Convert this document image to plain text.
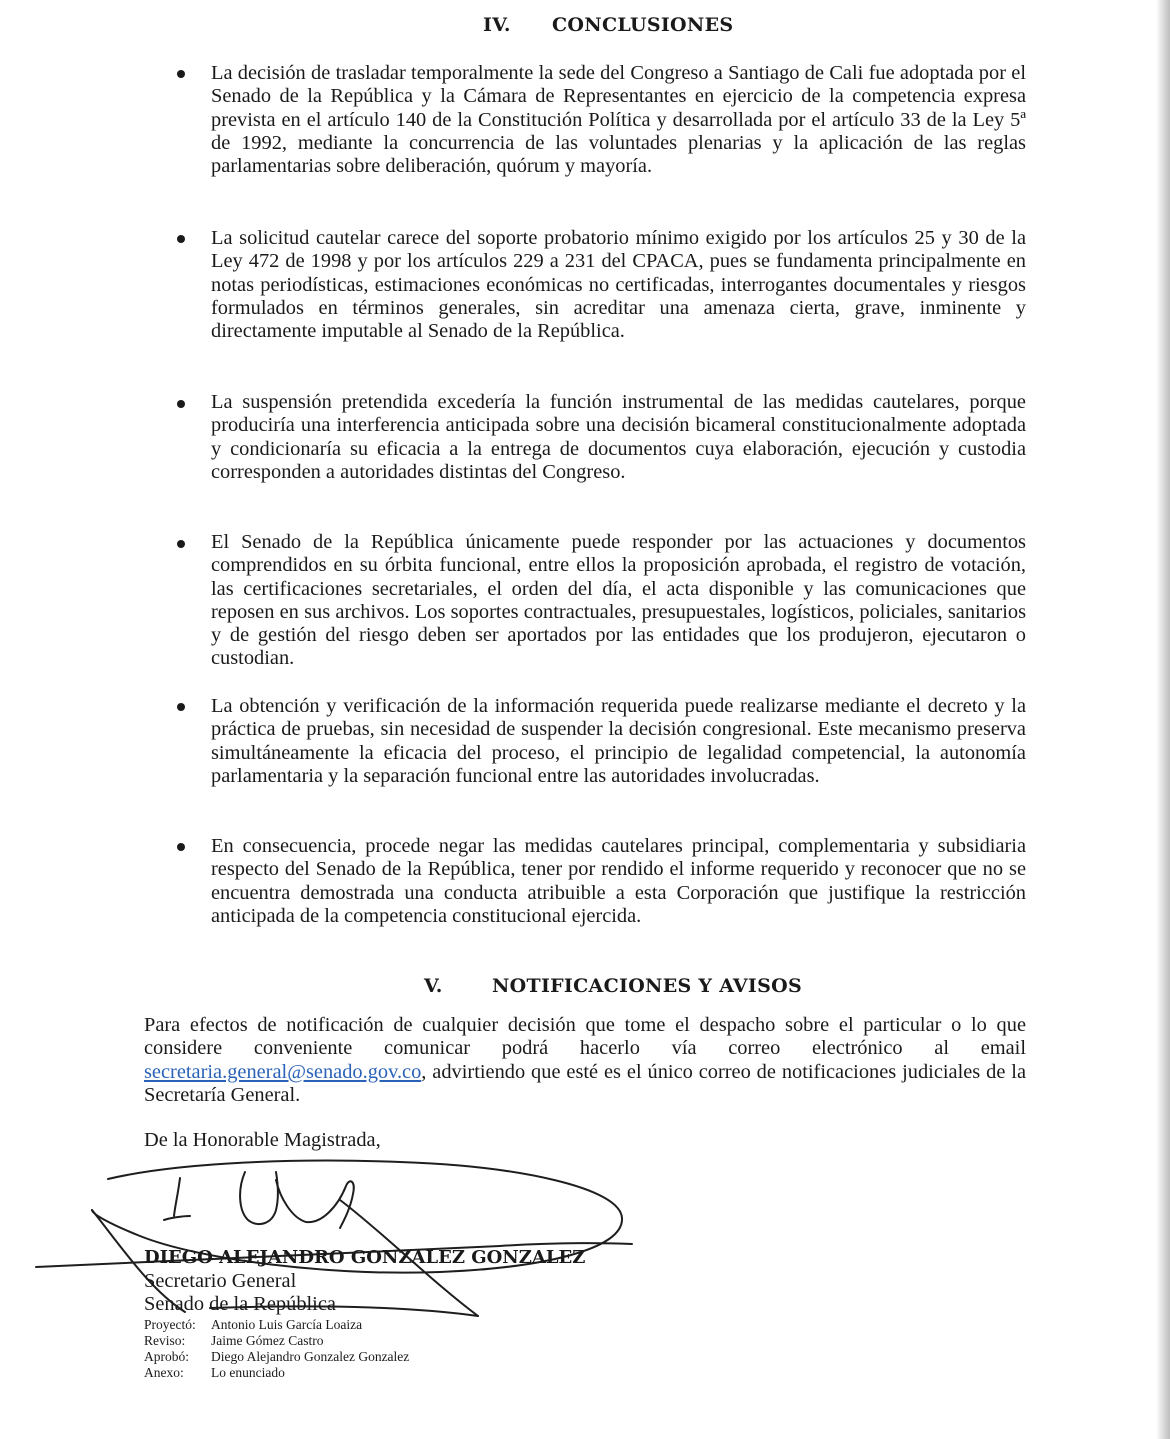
IV. CONCLUSIONES
La decisión de trasladar temporalmente la sede del Congreso a Santiago de Cali fue adoptada por el Senado de la República y la Cámara de Representantes en ejercicio de la competencia expresa prevista en el artículo 140 de la Constitución Política y desarrollada por el artículo 33 de la Ley 5ª de 1992, mediante la concurrencia de las voluntades plenarias y la aplicación de las reglas parlamentarias sobre deliberación, quórum y mayoría.
La solicitud cautelar carece del soporte probatorio mínimo exigido por los artículos 25 y 30 de la Ley 472 de 1998 y por los artículos 229 a 231 del CPACA, pues se fundamenta principalmente en notas periodísticas, estimaciones económicas no certificadas, interrogantes documentales y riesgos formulados en términos generales, sin acreditar una amenaza cierta, grave, inminente y directamente imputable al Senado de la República.
La suspensión pretendida excedería la función instrumental de las medidas cautelares, porque produciría una interferencia anticipada sobre una decisión bicameral constitucionalmente adoptada y condicionaría su eficacia a la entrega de documentos cuya elaboración, ejecución y custodia corresponden a autoridades distintas del Congreso.
El Senado de la República únicamente puede responder por las actuaciones y documentos comprendidos en su órbita funcional, entre ellos la proposición aprobada, el registro de votación, las certificaciones secretariales, el orden del día, el acta disponible y las comunicaciones que reposen en sus archivos. Los soportes contractuales, presupuestales, logísticos, policiales, sanitarios y de gestión del riesgo deben ser aportados por las entidades que los produjeron, ejecutaron o custodian.
La obtención y verificación de la información requerida puede realizarse mediante el decreto y la práctica de pruebas, sin necesidad de suspender la decisión congresional. Este mecanismo preserva simultáneamente la eficacia del proceso, el principio de legalidad competencial, la autonomía parlamentaria y la separación funcional entre las autoridades involucradas.
En consecuencia, procede negar las medidas cautelares principal, complementaria y subsidiaria respecto del Senado de la República, tener por rendido el informe requerido y reconocer que no se encuentra demostrada una conducta atribuible a esta Corporación que justifique la restricción anticipada de la competencia constitucional ejercida.
V.	NOTIFICACIONES Y AVISOS
Para efectos de notificación de cualquier decisión que tome el despacho sobre el particular o lo que considere conveniente comunicar podrá hacerlo vía correo electrónico al email secretaria.general@senado.gov.co, advirtiendo que esté es el único correo de notificaciones judiciales de la Secretaría General.
De la Honorable Magistrada,
DIEGO ALEJANDRO GONZALEZ GONZALEZ
Secretario General
Senado de la República
Proyectó:	Antonio Luis García Loaiza
Reviso:	Jaime Gómez Castro
Aprobó:	Diego Alejandro Gonzalez Gonzalez
Anexo:	Lo enunciado
